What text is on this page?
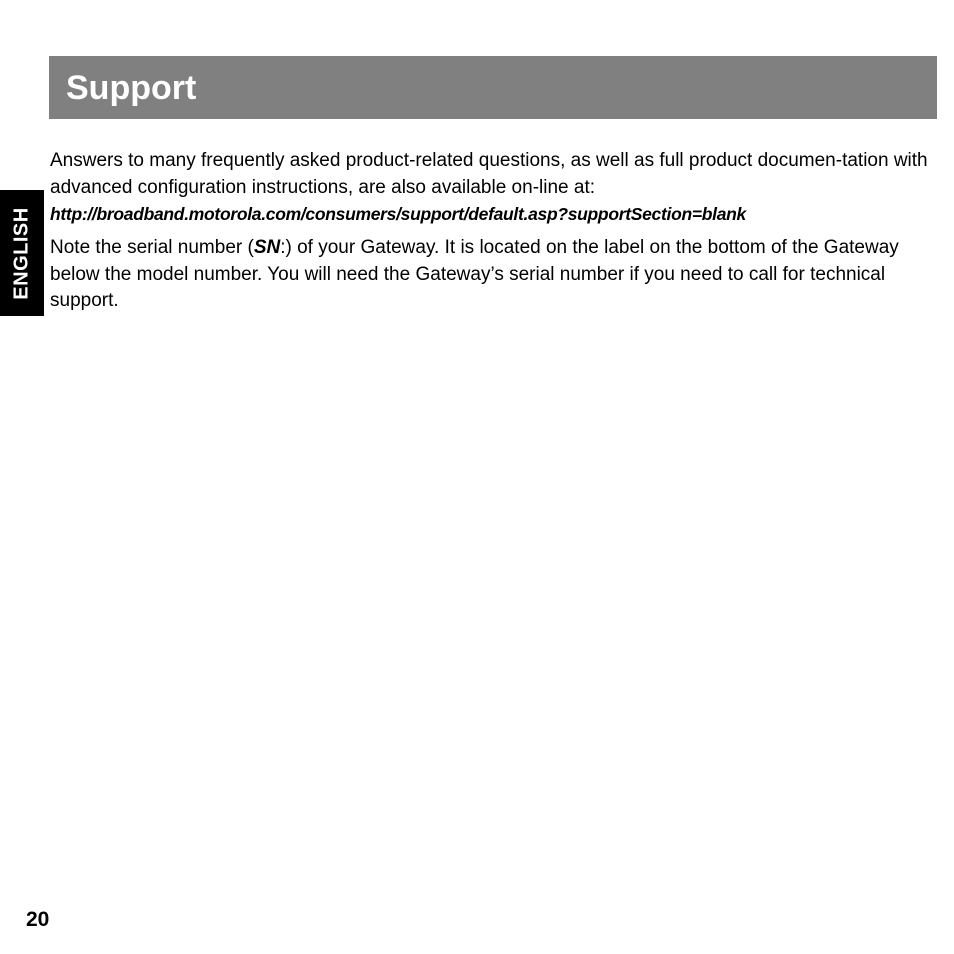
ENGLISH
Support

Answers to many frequently asked product-related questions, as well as full product documen-tation with advanced configuration instructions, are also available on-line at:

http://broadband.motorola.com/consumers/support/default.asp?supportSection=blank

Note the serial number (SN:) of your Gateway. It is located on the label on the bottom of the Gateway below the model number. You will need the Gateway’s serial number if you need to call for technical support.

20
